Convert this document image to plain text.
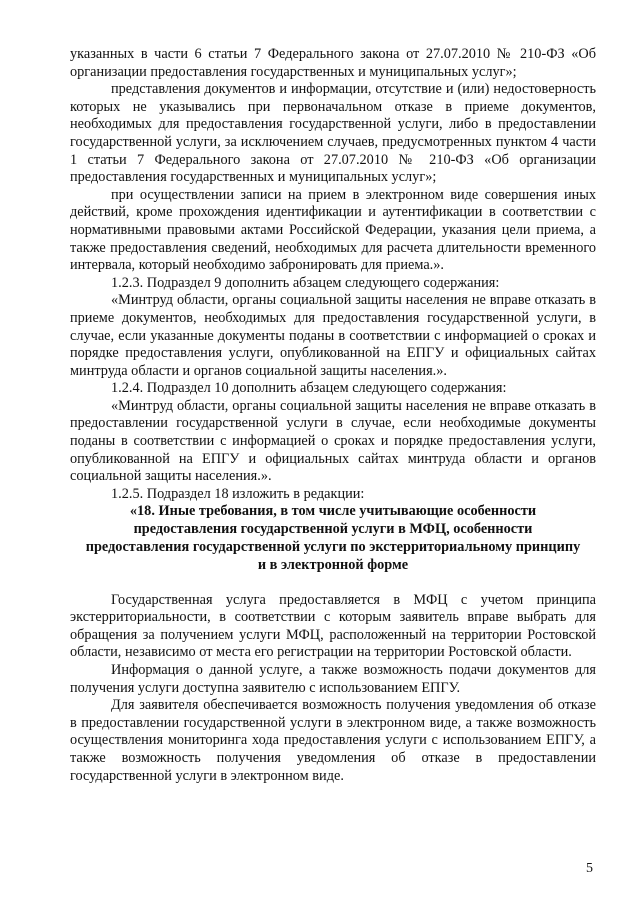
указанных в части 6 статьи 7 Федерального закона от 27.07.2010 № 210-ФЗ «Об организации предоставления государственных и муниципальных услуг»;

представления документов и информации, отсутствие и (или) недостоверность которых не указывались при первоначальном отказе в приеме документов, необходимых для предоставления государственной услуги, либо в предоставлении государственной услуги, за исключением случаев, предусмотренных пунктом 4 части 1 статьи 7 Федерального закона от 27.07.2010 № 210-ФЗ «Об организации предоставления государственных и муниципальных услуг»;

при осуществлении записи на прием в электронном виде совершения иных действий, кроме прохождения идентификации и аутентификации в соответствии с нормативными правовыми актами Российской Федерации, указания цели приема, а также предоставления сведений, необходимых для расчета длительности временного интервала, который необходимо забронировать для приема.».

1.2.3. Подраздел 9 дополнить абзацем следующего содержания:

«Минтруд области, органы социальной защиты населения не вправе отказать в приеме документов, необходимых для предоставления государственной услуги, в случае, если указанные документы поданы в соответствии с информацией о сроках и порядке предоставления услуги, опубликованной на ЕПГУ и официальных сайтах минтруда области и органов социальной защиты населения.».

1.2.4. Подраздел 10 дополнить абзацем следующего содержания:

«Минтруд области, органы социальной защиты населения не вправе отказать в предоставлении государственной услуги в случае, если необходимые документы поданы в соответствии с информацией о сроках и порядке предоставления услуги, опубликованной на ЕПГУ и официальных сайтах минтруда области и органов социальной защиты населения.».

1.2.5. Подраздел 18 изложить в редакции:

«18. Иные требования, в том числе учитывающие особенности
предоставления государственной услуги в МФЦ, особенности
предоставления государственной услуги по экстерриториальному принципу
и в электронной форме

Государственная услуга предоставляется в МФЦ с учетом принципа экстерриториальности, в соответствии с которым заявитель вправе выбрать для обращения за получением услуги МФЦ, расположенный на территории Ростовской области, независимо от места его регистрации на территории Ростовской области.

Информация о данной услуге, а также возможность подачи документов для получения услуги доступна заявителю с использованием ЕПГУ.

Для заявителя обеспечивается возможность получения уведомления об отказе в предоставлении государственной услуги в электронном виде, а также возможность осуществления мониторинга хода предоставления услуги с использованием ЕПГУ, а также возможность получения уведомления об отказе в предоставлении государственной услуги в электронном виде.

5
